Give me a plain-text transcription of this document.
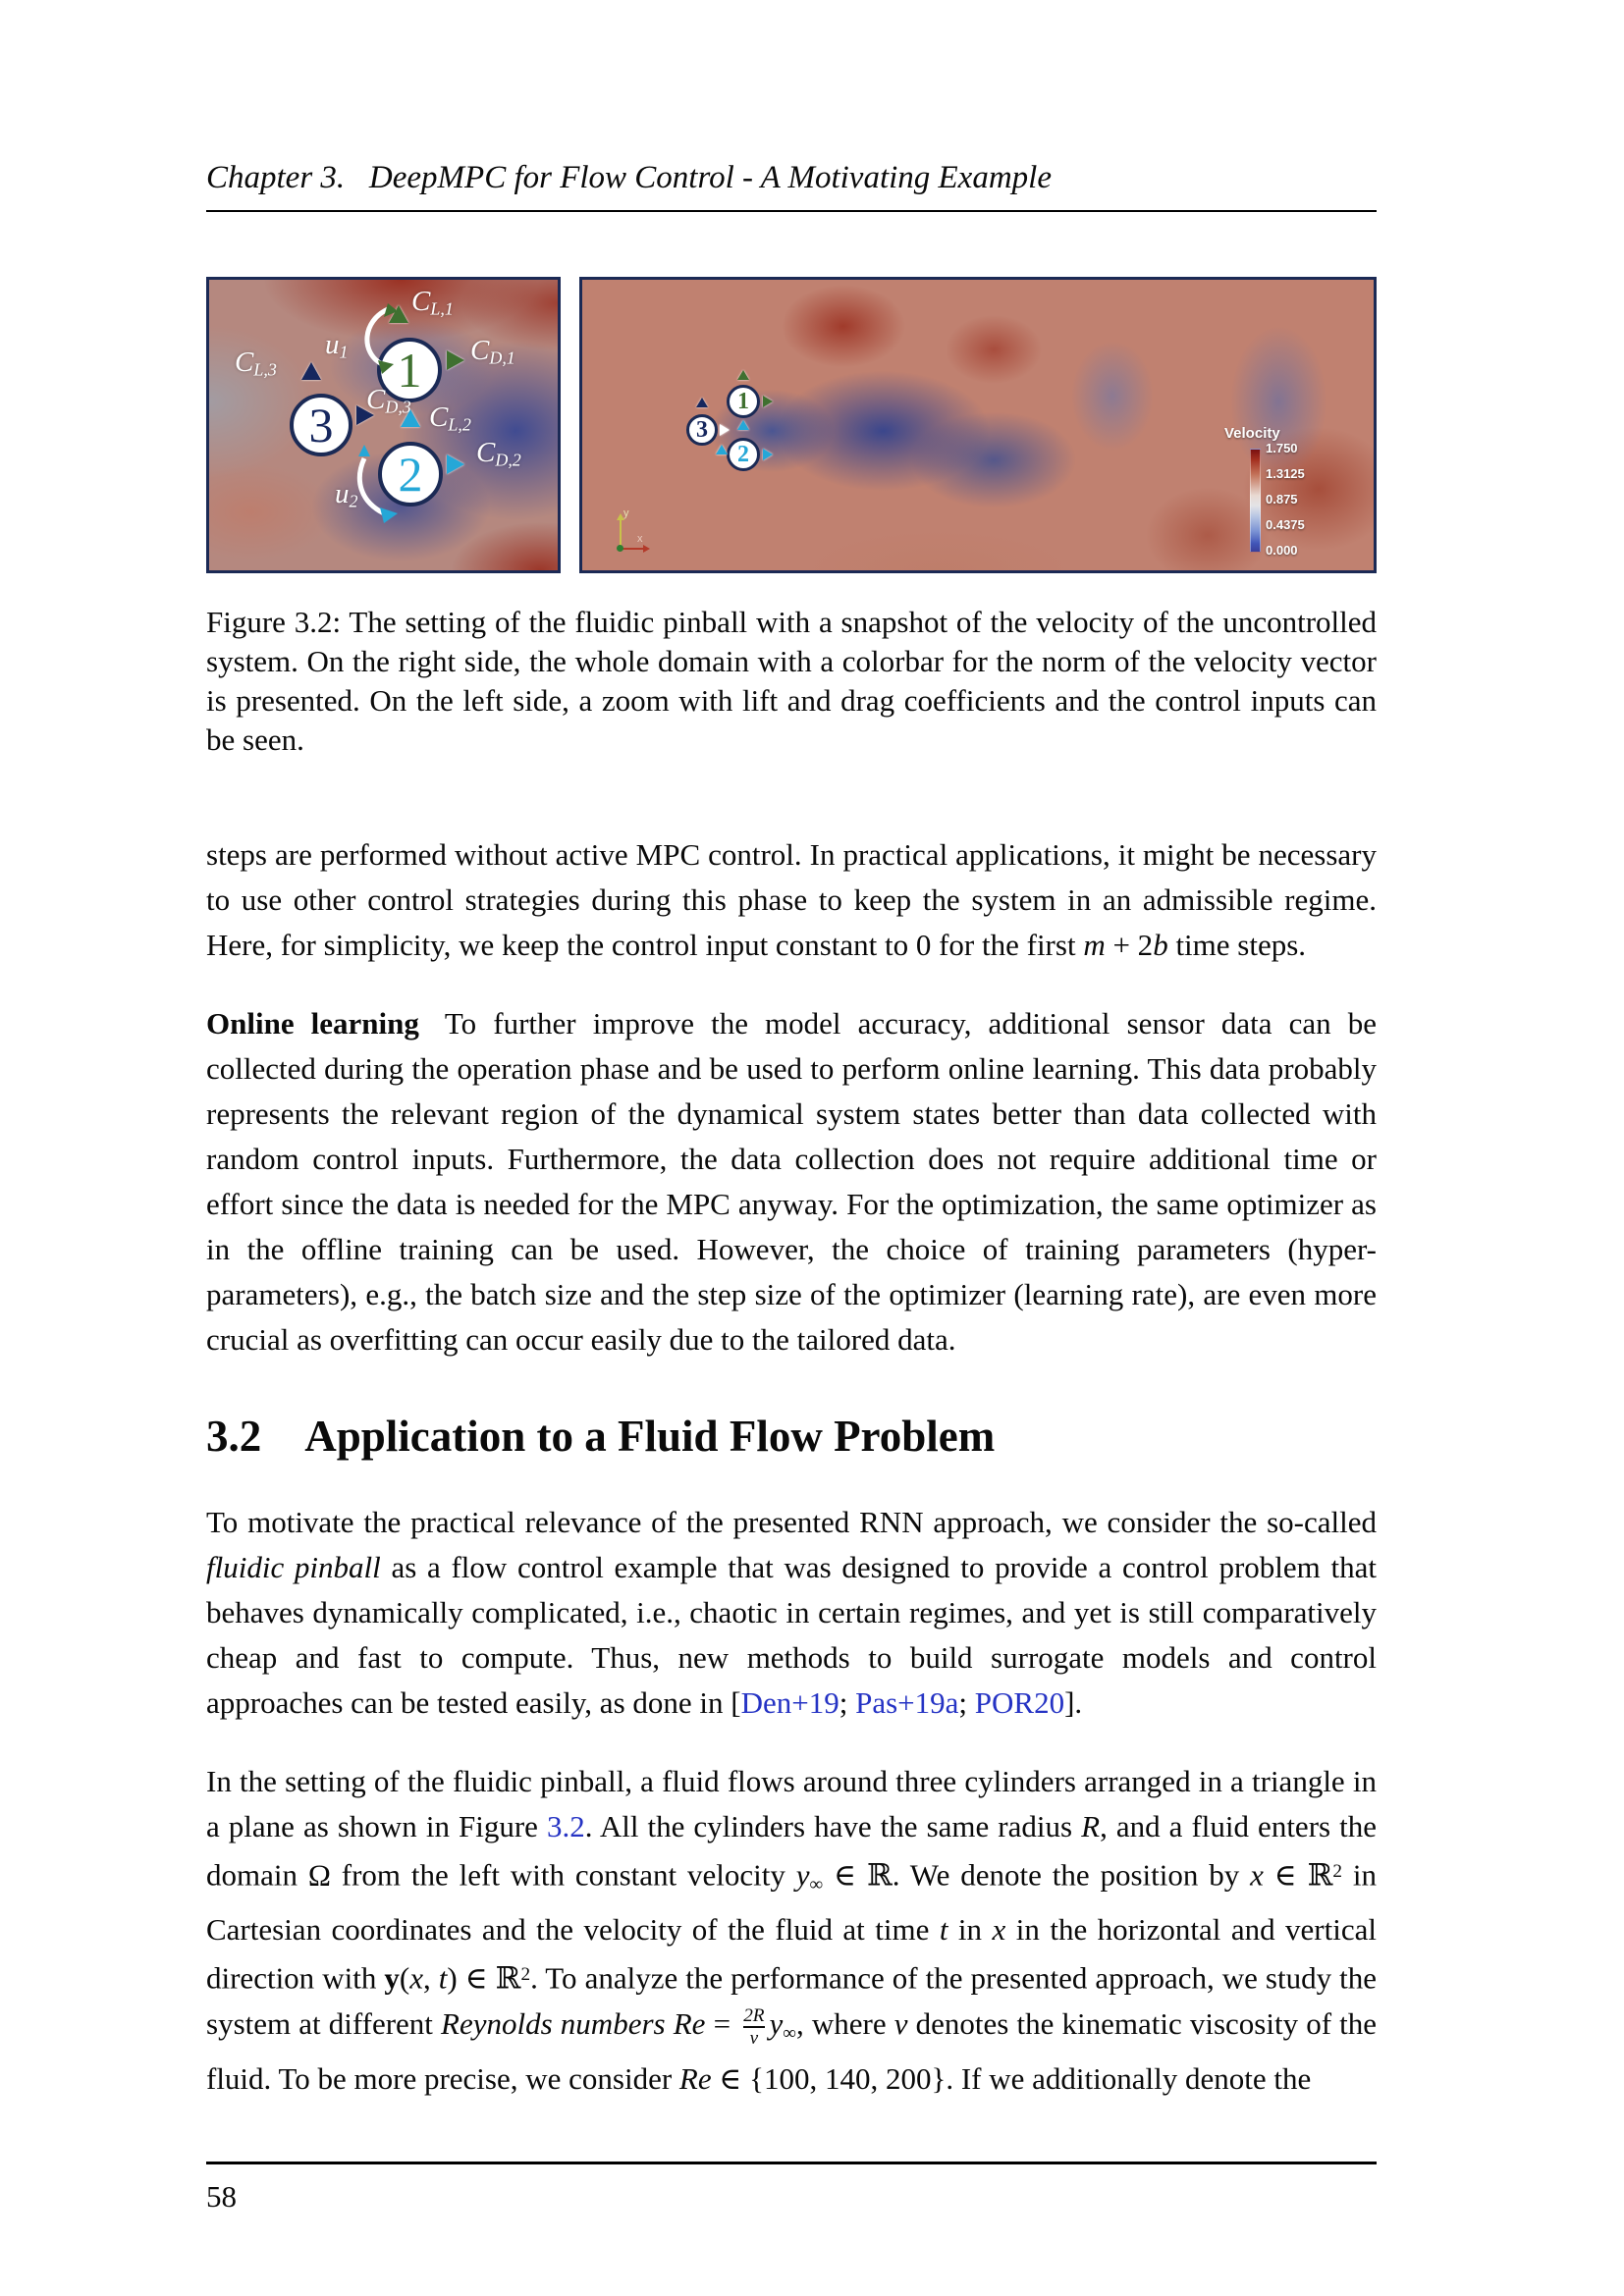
Chapter 3.   DeepMPC for Flow Control - A Motivating Example
1
3
2
$C_{L,1}$
$C_{D,1}$
$C_{L,3}$
$C_{D,3}$ $C_{L,2}$
$C_{D,2}$
$u_1$
$u_2$
1
3
2
Velocity
1.750
1.3125
0.875
0.4375
0.000
y
x

Figure 3.2: The setting of the fluidic pinball with a snapshot of the velocity of the uncontrolled system. On the right side, the whole domain with a colorbar for the norm of the velocity vector is presented. On the left side, a zoom with lift and drag coefficients and the control inputs can be seen.

steps are performed without active MPC control. In practical applications, it might be necessary to use other control strategies during this phase to keep the system in an admissible regime. Here, for simplicity, we keep the control input constant to 0 for the first m + 2b time steps.

Online learning To further improve the model accuracy, additional sensor data can be collected during the operation phase and be used to perform online learning. This data probably represents the relevant region of the dynamical system states better than data collected with random control inputs. Furthermore, the data collection does not require additional time or effort since the data is needed for the MPC anyway. For the optimization, the same optimizer as in the offline training can be used. However, the choice of training parameters (hyper-parameters), e.g., the batch size and the step size of the optimizer (learning rate), are even more crucial as overfitting can occur easily due to the tailored data.

3.2 Application to a Fluid Flow Problem

To motivate the practical relevance of the presented RNN approach, we consider the so-called fluidic pinball as a flow control example that was designed to provide a control problem that behaves dynamically complicated, i.e., chaotic in certain regimes, and yet is still comparatively cheap and fast to compute. Thus, new methods to build surrogate models and control approaches can be tested easily, as done in [Den+19; Pas+19a; POR20].

In the setting of the fluidic pinball, a fluid flows around three cylinders arranged in a triangle in a plane as shown in Figure 3.2. All the cylinders have the same radius R, and a fluid enters the domain Ω from the left with constant velocity $y_\infty$ ∈ ℝ. We denote the position by x ∈ ℝ$^2$ in Cartesian coordinates and the velocity of the fluid at time t in x in the horizontal and vertical direction with y(x, t) ∈ ℝ$^2$. To analyze the performance of the presented approach, we study the system at different Reynolds numbers $Re = \frac{2R}{\nu} y_\infty$, where ν denotes the kinematic viscosity of the fluid. To be more precise, we consider Re ∈ {100, 140, 200}. If we additionally denote the

58
